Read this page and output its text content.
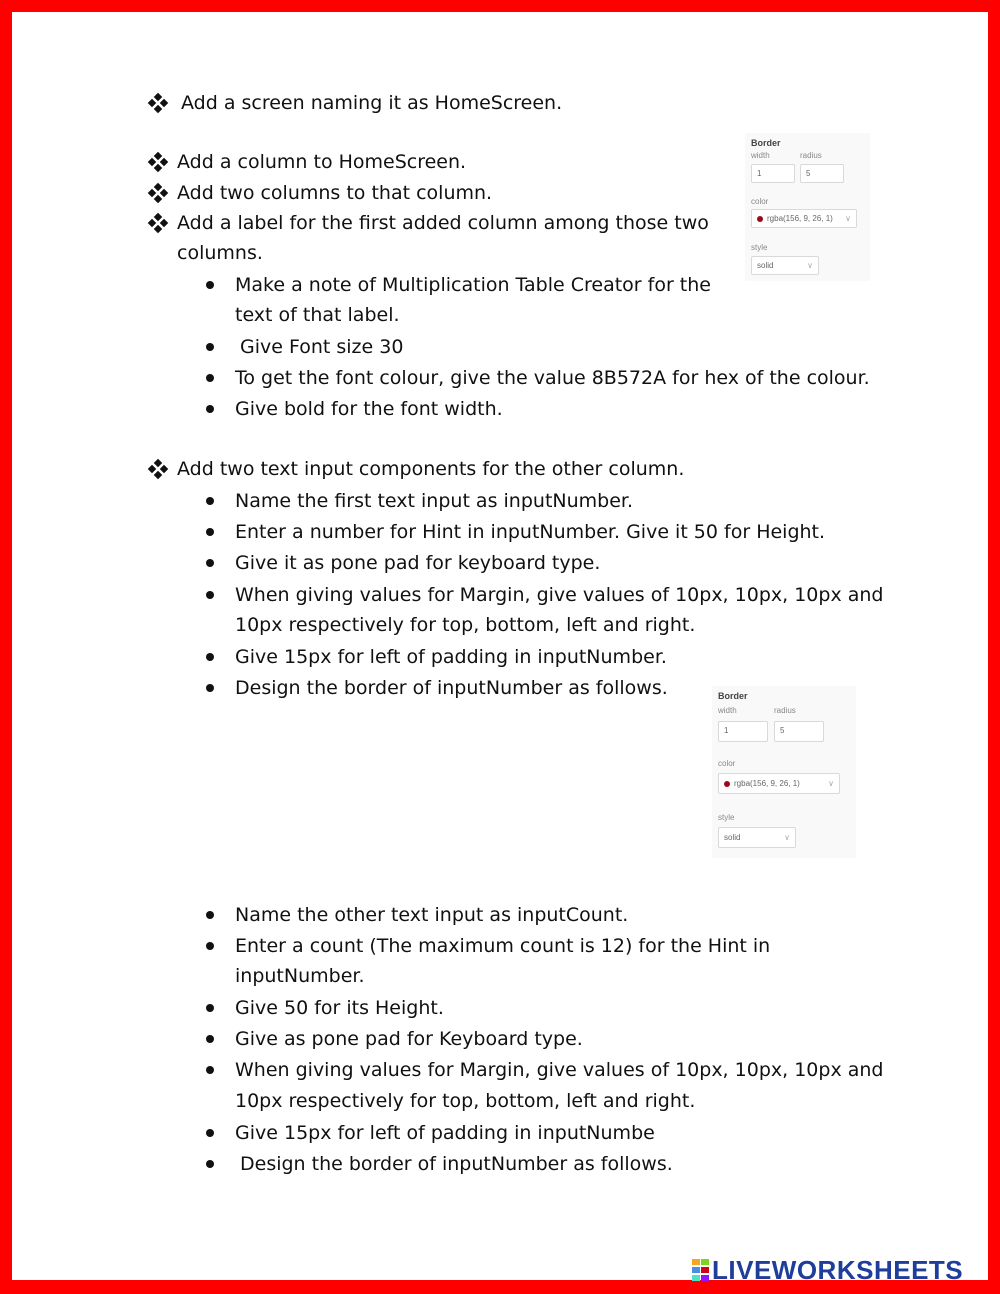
Add a screen naming it as HomeScreen.
Add a column to HomeScreen.
Add two columns to that column.
Add a label for the first added column among those two
columns.
Make a note of Multiplication Table Creator for the
text of that label.
Give Font size 30
To get the font colour, give the value 8B572A for hex of the colour.
Give bold for the font width.
Add two text input components for the other column.
Name the first text input as inputNumber.
Enter a number for Hint in inputNumber. Give it 50 for Height.
Give it as pone pad for keyboard type.
When giving values for Margin, give values of 10px, 10px, 10px and
10px respectively for top, bottom, left and right.
Give 15px for left of padding in inputNumber.
Design the border of inputNumber as follows.
Name the other text input as inputCount.
Enter a count (The maximum count is 12) for the Hint in
inputNumber.
Give 50 for its Height.
Give as pone pad for Keyboard type.
When giving values for Margin, give values of 10px, 10px, 10px and
10px respectively for top, bottom, left and right.
Give 15px for left of padding in inputNumbe
Design the border of inputNumber as follows.
Border
width	radius
1	5
color
rgba(156, 9, 26, 1) ∨
style
solid	∨
Border
width	radius
1	5
color
rgba(156, 9, 26, 1)	∨
style
solid	∨
LIVEWORKSHEETS
